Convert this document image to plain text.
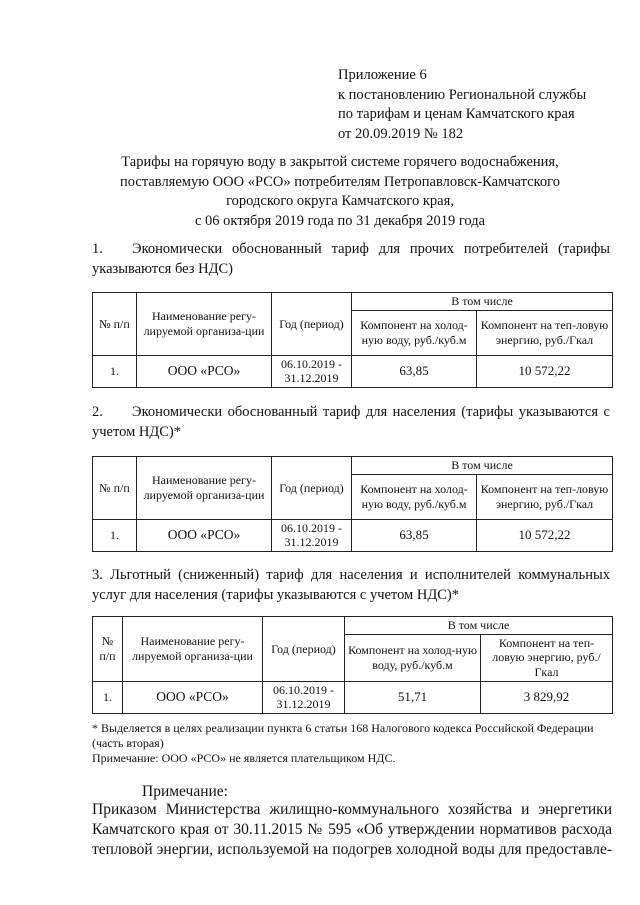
Приложение 6
к постановлению Региональной службы
по тарифам и ценам Камчатского края
от 20.09.2019 № 182
Тарифы на горячую воду в закрытой системе горячего водоснабжения,
поставляемую ООО «РСО» потребителям Петропавловск-Камчатского
городского округа Камчатского края,
с 06 октября 2019 года по 31 декабря 2019 года
1. Экономически обоснованный тариф для прочих потребителей (тарифы указываются без НДС)
№ п/п	Наименование регу-лируемой организа-ции	Год (период)	В том числе	
			Компонент на холод-ную воду, руб./куб.м	Компонент на теп-ловую энергию, руб./Гкал
1.	ООО «РСО»	06.10.2019 - 31.12.2019	63,85	10 572,22
2. Экономически обоснованный тариф для населения (тарифы указываются с учетом НДС)*
№ п/п	Наименование регу-лируемой организа-ции	Год (период)	В том числе	
			Компонент на холод-ную воду, руб./куб.м	Компонент на теп-ловую энергию, руб./Гкал
1.	ООО «РСО»	06.10.2019 - 31.12.2019	63,85	10 572,22
3. Льготный (сниженный) тариф для населения и исполнителей коммунальных услуг для населения (тарифы указываются с учетом НДС)*
№ п/п	Наименование регу-лируемой организа-ции	Год (период)	В том числе	
			Компонент на холод-ную воду, руб./куб.м	Компонент на теп-ловую энергию, руб./Гкал
1.	ООО «РСО»	06.10.2019 - 31.12.2019	51,71	3 829,92
* Выделяется в целях реализации пункта 6 статьи 168 Налогового кодекса Российской Федерации (часть вторая)
Примечание: ООО «РСО» не является плательщиком НДС.
Примечание:
Приказом Министерства жилищно-коммунального хозяйства и энергетики Камчатского края от 30.11.2015 № 595 «Об утверждении нормативов расхода тепловой энергии, используемой на подогрев холодной воды для предоставле-
